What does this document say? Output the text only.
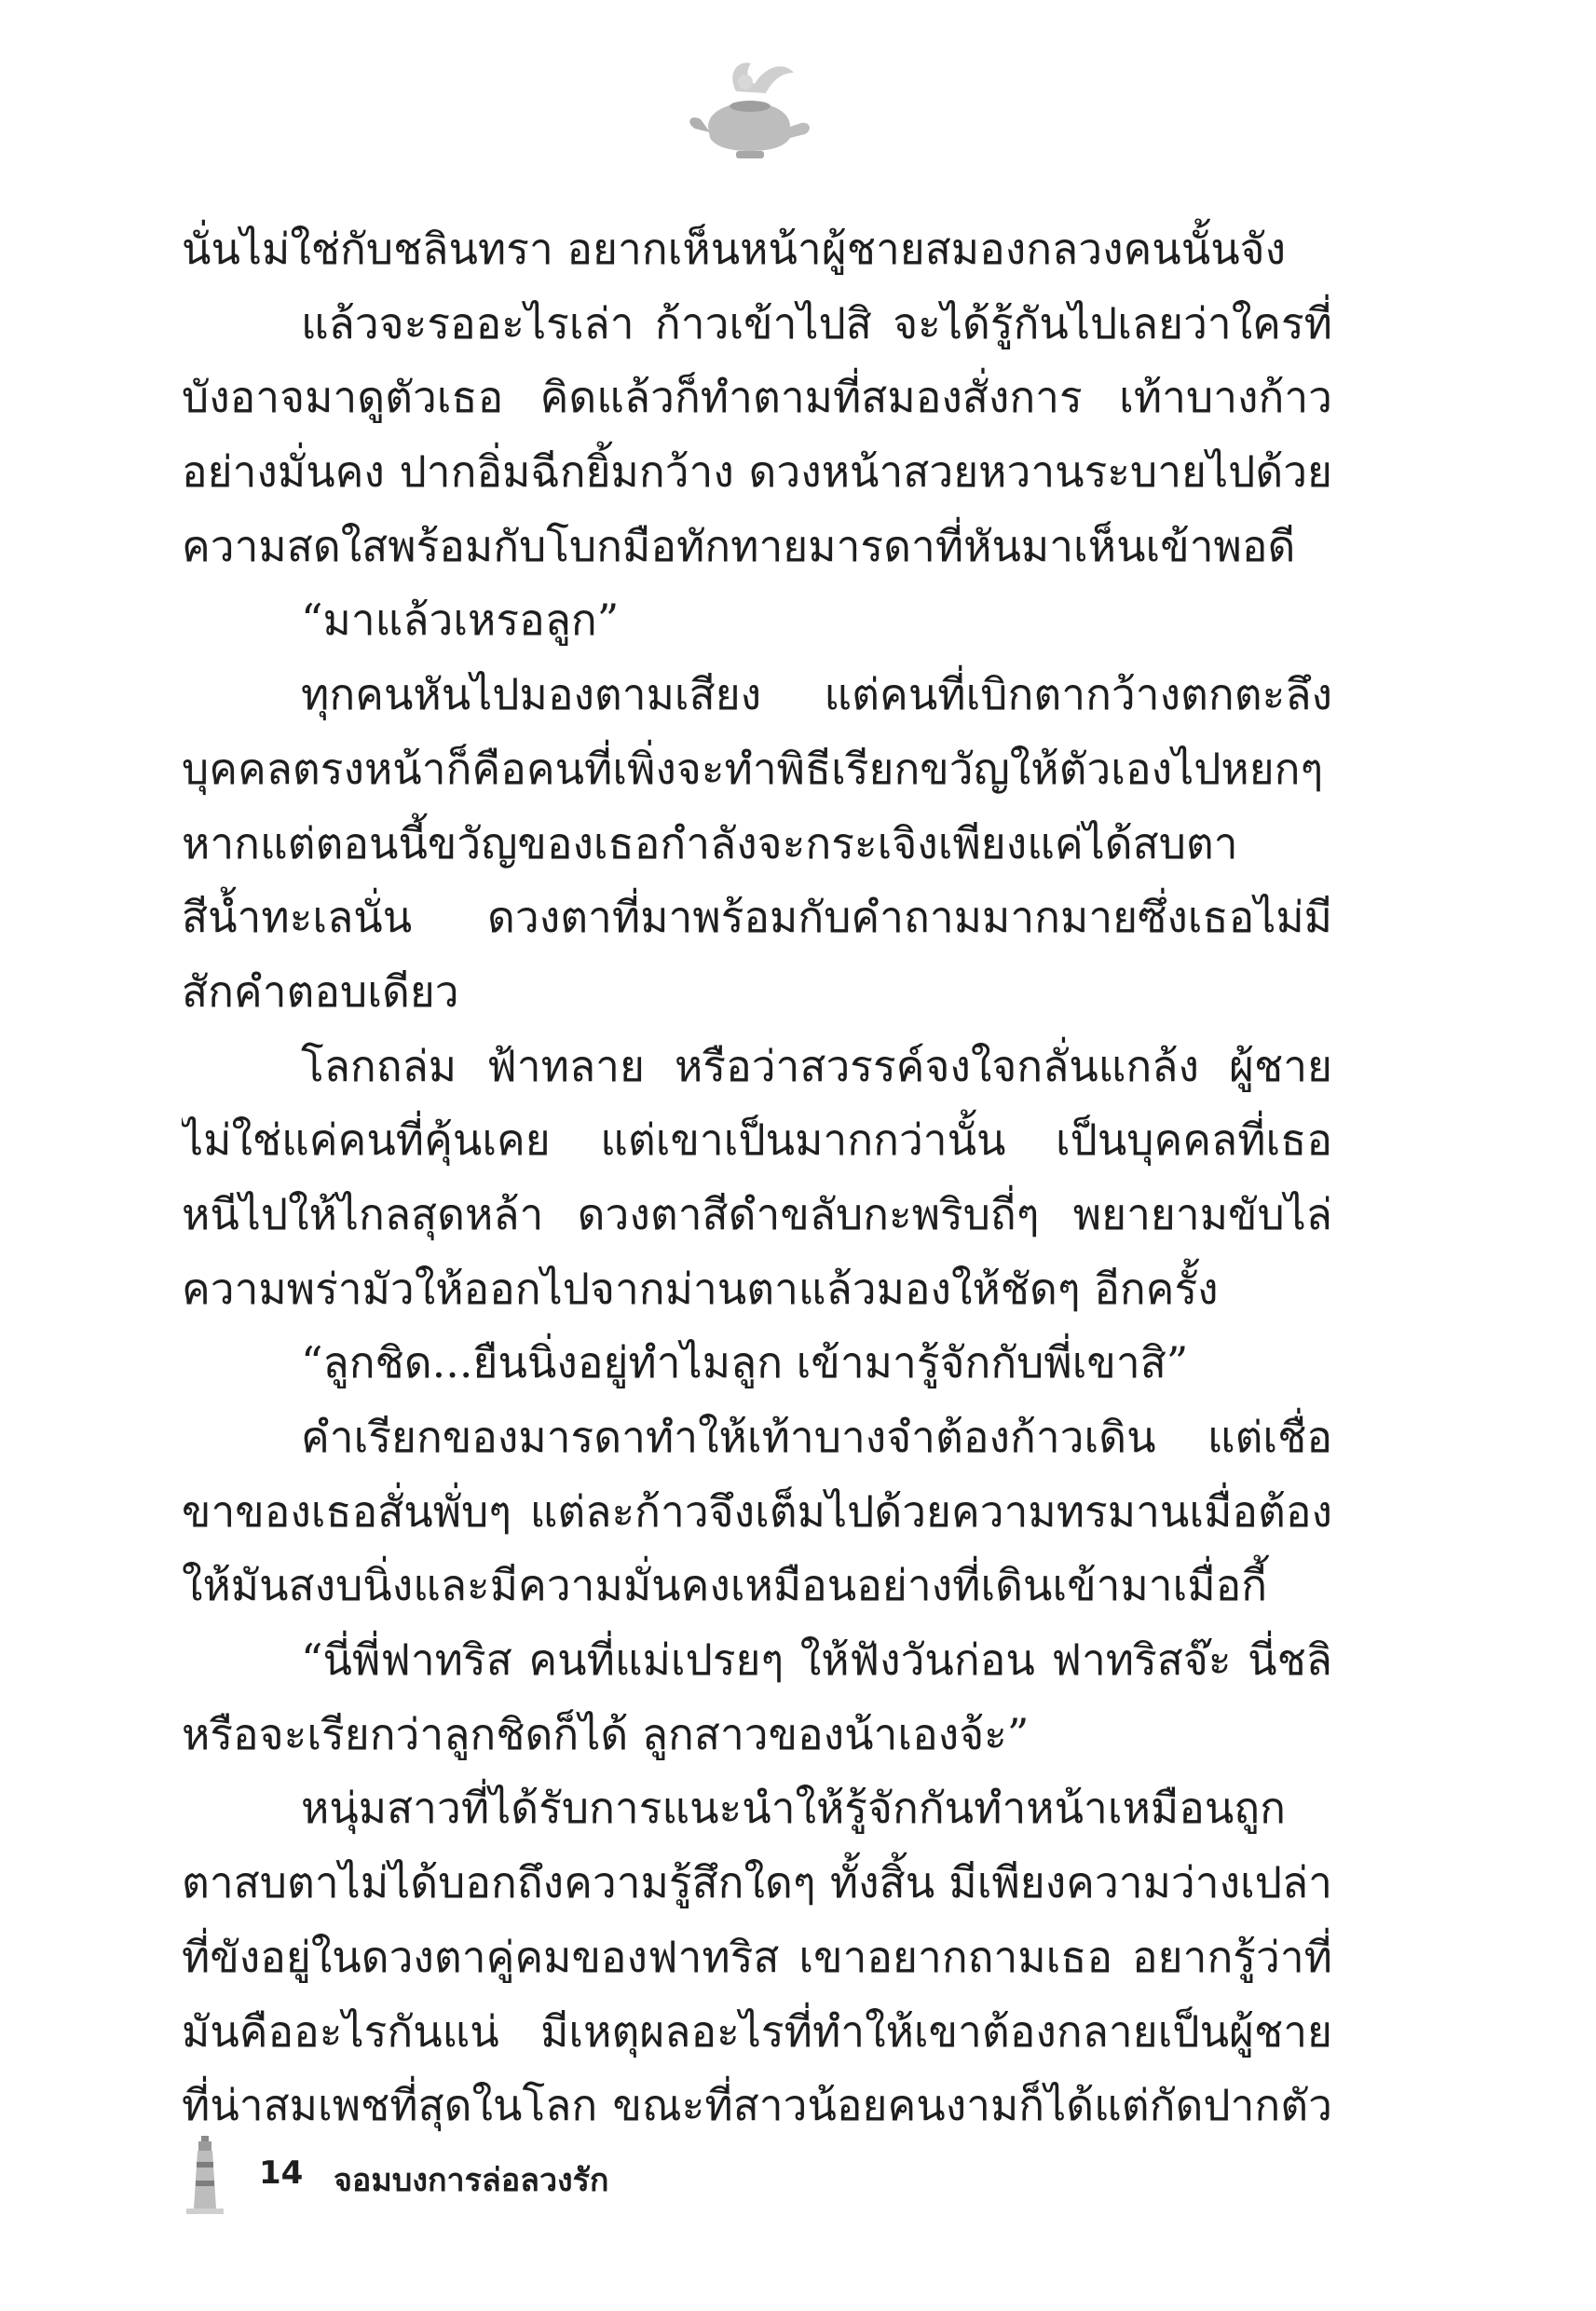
นั่นไม่ใช่กับชลินทรา อยากเห็นหน้าผู้ชายสมองกลวงคนนั้นจัง
แล้วจะรออะไรเล่า ก้าวเข้าไปสิ จะได้รู้กันไปเลยว่าใครที่
บังอาจมาดูตัวเธอ คิดแล้วก็ทำตามที่สมองสั่งการ เท้าบางก้าว
อย่างมั่นคง ปากอิ่มฉีกยิ้มกว้าง ดวงหน้าสวยหวานระบายไปด้วย
ความสดใสพร้อมกับโบกมือทักทายมารดาที่หันมาเห็นเข้าพอดี
“มาแล้วเหรอลูก”
ทุกคนหันไปมองตามเสียง แต่คนที่เบิกตากว้างตกตะลึง
บุคคลตรงหน้าก็คือคนที่เพิ่งจะทำพิธีเรียกขวัญให้ตัวเองไปหยกๆ
หากแต่ตอนนี้ขวัญของเธอกำลังจะกระเจิงเพียงแค่ได้สบตา
สีน้ำทะเลนั่น ดวงตาที่มาพร้อมกับคำถามมากมายซึ่งเธอไม่มี
สักคำตอบเดียว
โลกถล่ม ฟ้าทลาย หรือว่าสวรรค์จงใจกลั่นแกล้ง ผู้ชาย
ไม่ใช่แค่คนที่คุ้นเคย แต่เขาเป็นมากกว่านั้น เป็นบุคคลที่เธอ
หนีไปให้ไกลสุดหล้า ดวงตาสีดำขลับกะพริบถี่ๆ พยายามขับไล่
ความพร่ามัวให้ออกไปจากม่านตาแล้วมองให้ชัดๆ อีกครั้ง
“ลูกชิด...ยืนนิ่งอยู่ทำไมลูก เข้ามารู้จักกับพี่เขาสิ”
คำเรียกของมารดาทำให้เท้าบางจำต้องก้าวเดิน แต่เชื่อ
ขาของเธอสั่นพั่บๆ แต่ละก้าวจึงเต็มไปด้วยความทรมานเมื่อต้อง
ให้มันสงบนิ่งและมีความมั่นคงเหมือนอย่างที่เดินเข้ามาเมื่อกี้
“นี่พี่ฟาทริส คนที่แม่เปรยๆ ให้ฟังวันก่อน ฟาทริสจ๊ะ นี่ชลิ
หรือจะเรียกว่าลูกชิดก็ได้ ลูกสาวของน้าเองจ้ะ”
หนุ่มสาวที่ได้รับการแนะนำให้รู้จักกันทำหน้าเหมือนถูก
ตาสบตาไม่ได้บอกถึงความรู้สึกใดๆ ทั้งสิ้น มีเพียงความว่างเปล่า
ที่ขังอยู่ในดวงตาคู่คมของฟาทริส เขาอยากถามเธอ อยากรู้ว่าที่
มันคืออะไรกันแน่ มีเหตุผลอะไรที่ทำให้เขาต้องกลายเป็นผู้ชาย
ที่น่าสมเพชที่สุดในโลก ขณะที่สาวน้อยคนงามก็ได้แต่กัดปากตัว
14 จอมบงการล่อลวงรัก
